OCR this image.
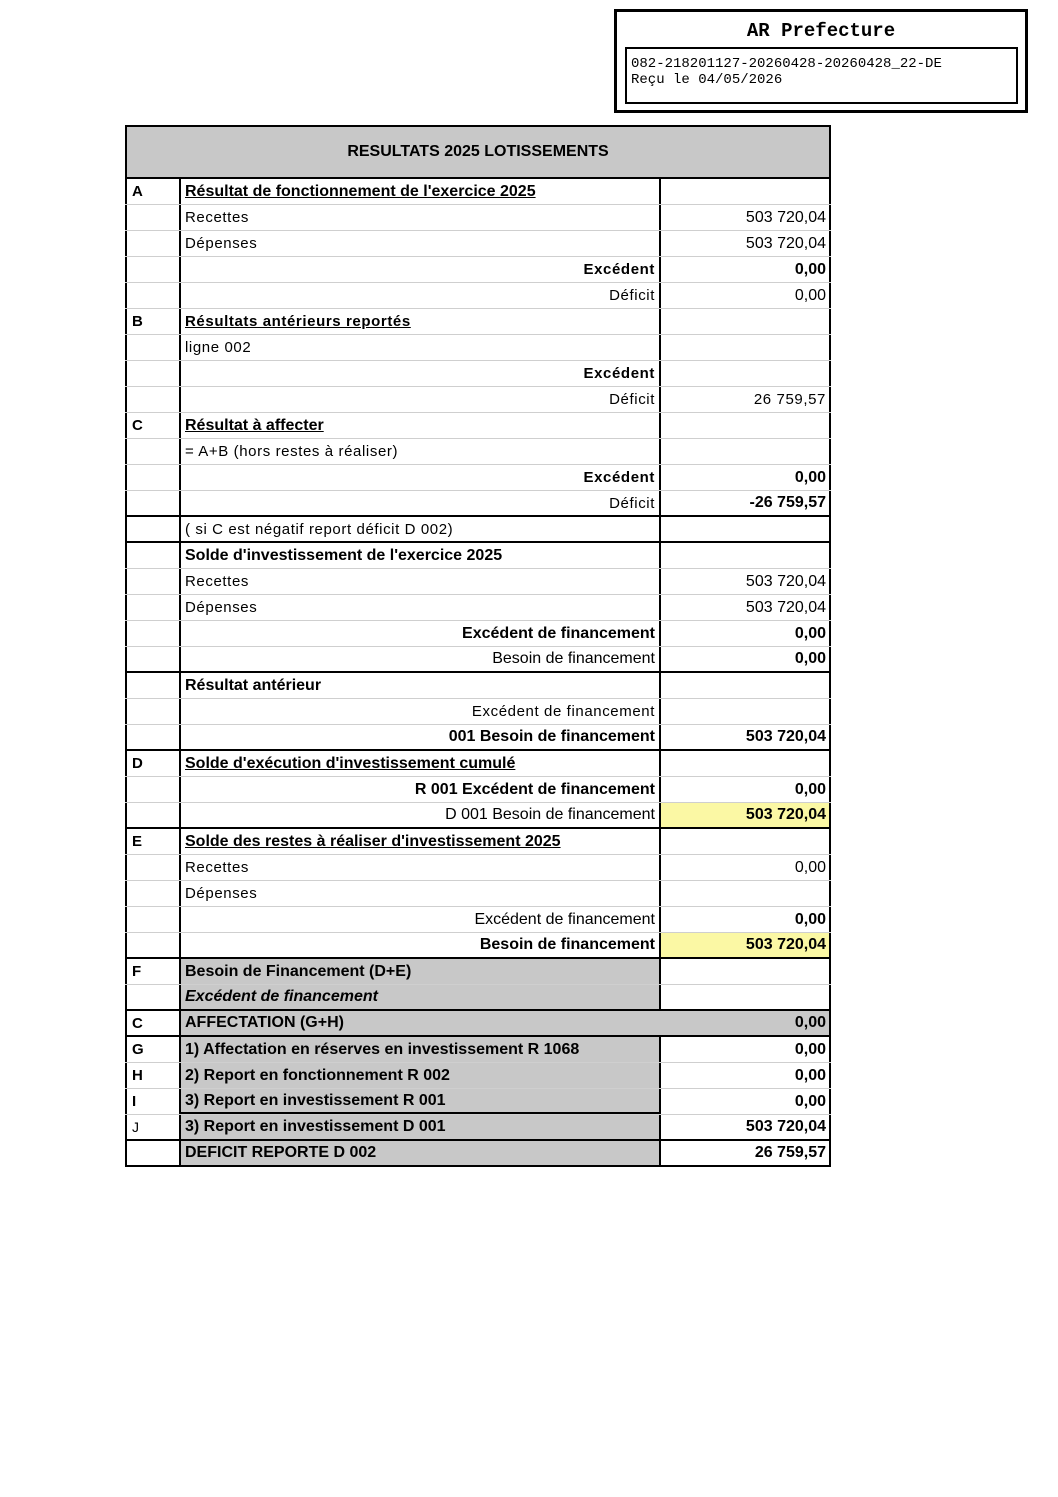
AR Prefecture
082-218201127-20260428-20260428_22-DE
Reçu le 04/05/2026
RESULTATS 2025 LOTISSEMENTS
A	Résultat de fonctionnement de l'exercice 2025
Recettes	503 720,04
Dépenses	503 720,04
Excédent	0,00
Déficit	0,00
B	Résultats antérieurs reportés
ligne 002
Excédent
Déficit	26 759,57
C	Résultat à affecter
= A+B (hors restes à réaliser)
Excédent	0,00
Déficit	-26 759,57
( si C est négatif report déficit D 002)
Solde d'investissement de l'exercice 2025
Recettes	503 720,04
Dépenses	503 720,04
Excédent de financement	0,00
Besoin de financement	0,00
Résultat antérieur
Excédent de financement
001 Besoin de financement	503 720,04
D	Solde d'exécution d'investissement cumulé
R 001 Excédent de financement	0,00
D 001 Besoin de financement	503 720,04
E	Solde des restes à réaliser d'investissement 2025
Recettes	0,00
Dépenses
Excédent de financement	0,00
Besoin de financement	503 720,04
F	Besoin de Financement (D+E)
Excédent de financement
C	AFFECTATION (G+H)	0,00
G	1) Affectation en réserves en investissement R 1068	0,00
H	2) Report en fonctionnement R 002	0,00
I	3) Report en investissement R 001	0,00
J	3) Report en investissement D 001	503 720,04
DEFICIT REPORTE D 002	26 759,57
